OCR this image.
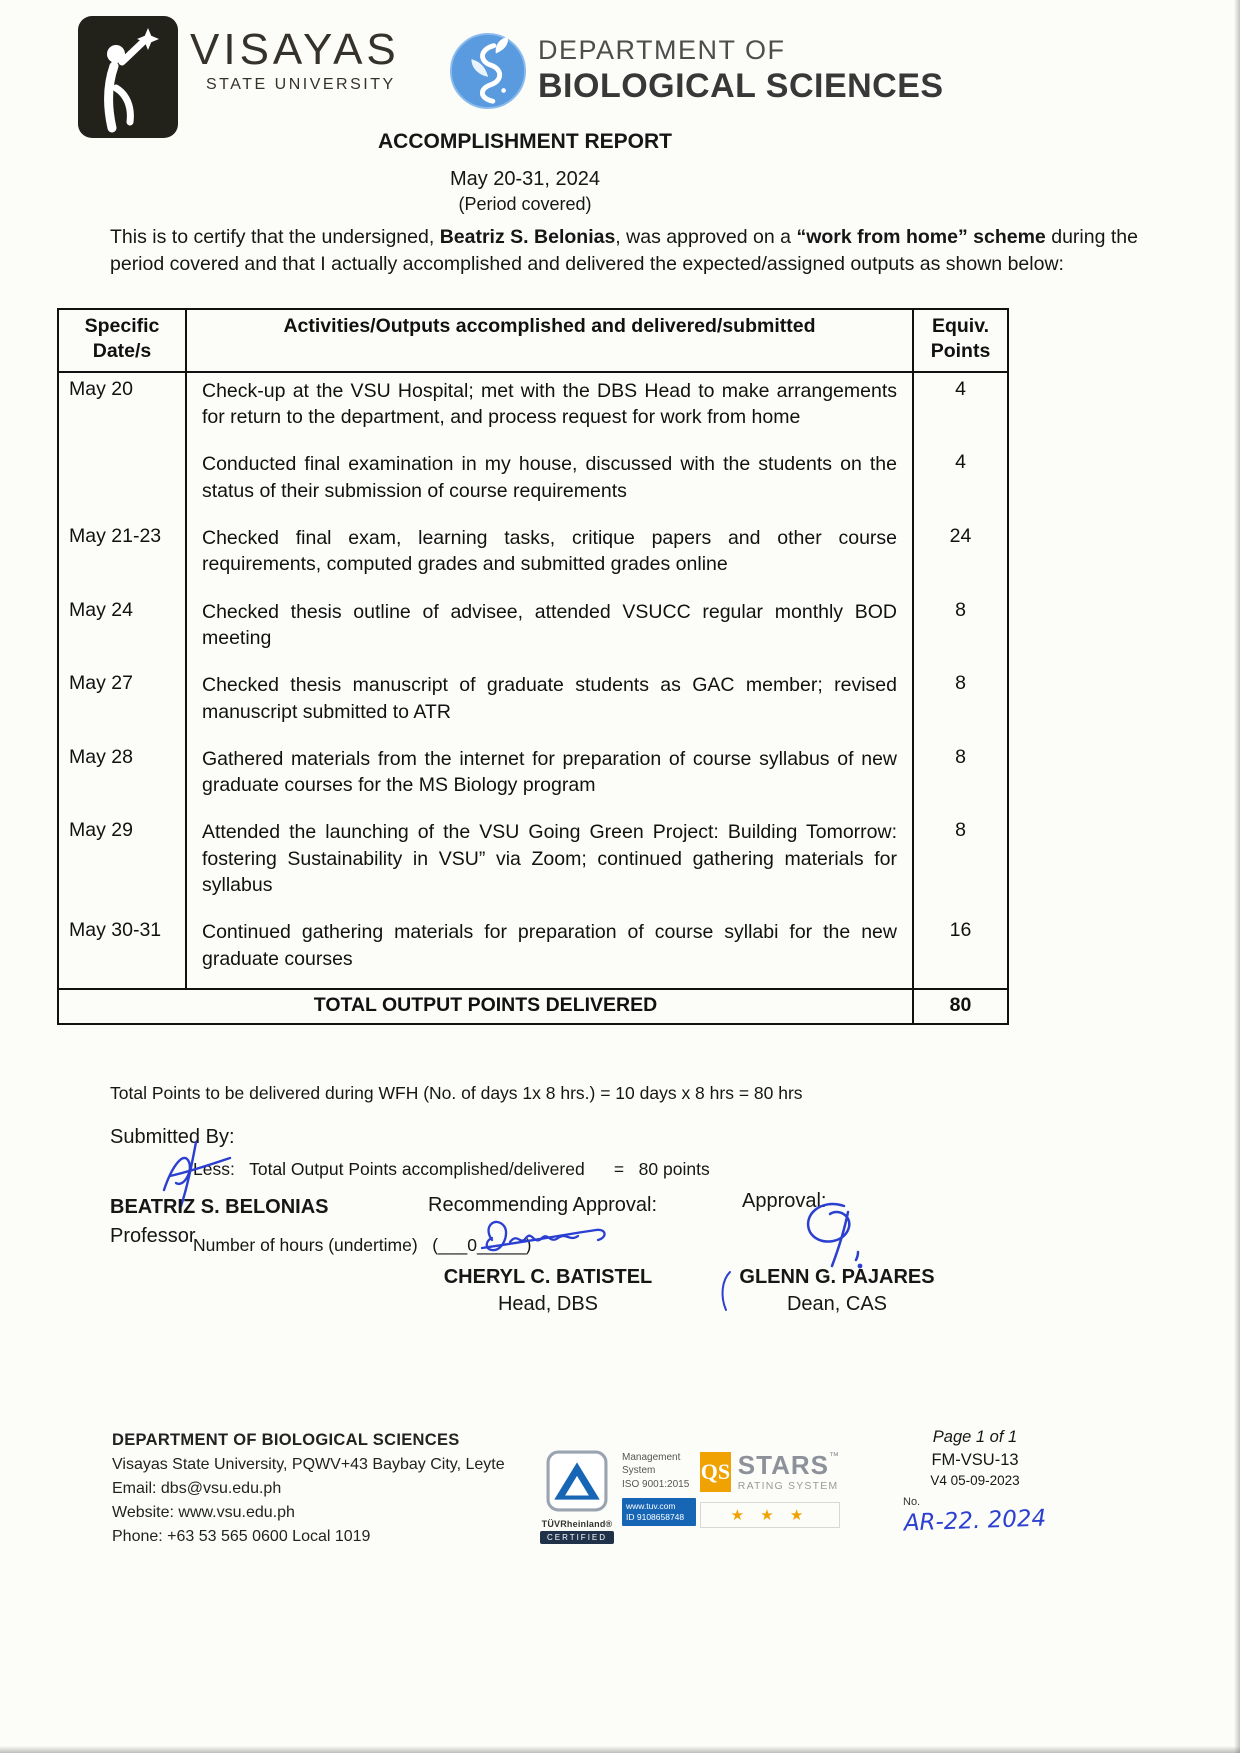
VISAYAS
STATE UNIVERSITY
DEPARTMENT OF
BIOLOGICAL SCIENCES
ACCOMPLISHMENT REPORT
May 20-31, 2024
(Period covered)
This is to certify that the undersigned, Beatriz S. Belonias, was approved on a “work from home” scheme during the period covered and that I actually accomplished and delivered the expected/assigned outputs as shown below:
Specific Date/s	Activities/Outputs accomplished and delivered/submitted	Equiv. Points
May 20	Check-up at the VSU Hospital; met with the DBS Head to make arrangements for return to the department, and process request for work from home	4
	Conducted final examination in my house, discussed with the students on the status of their submission of course requirements	4
May 21-23	Checked final exam, learning tasks, critique papers and other course requirements, computed grades and submitted grades online	24
May 24	Checked thesis outline of advisee, attended VSUCC regular monthly BOD meeting	8
May 27	Checked thesis manuscript of graduate students as GAC member; revised manuscript submitted to ATR	8
May 28	Gathered materials from the internet for preparation of course syllabus of new graduate courses for the MS Biology program	8
May 29	Attended the launching of the VSU Going Green Project: Building Tomorrow: fostering Sustainability in VSU” via Zoom; continued gathering materials for syllabus	8
May 30-31	Continued gathering materials for preparation of course syllabi for the new graduate courses	16
TOTAL OUTPUT POINTS DELIVERED		80

Total Points to be delivered during WFH (No. of days 1x 8 hrs.) = 10 days x 8 hrs = 80 hrs

Less:   Total Output Points accomplished/delivered      =   80 points

Number of hours (undertime)   (___0_____)

Submitted By:
BEATRIZ S. BELONIAS
Professor
Recommending Approval:
CHERYL C. BATISTEL
Head, DBS
Approval:
GLENN G. PAJARES
Dean, CAS
DEPARTMENT OF BIOLOGICAL SCIENCES
Visayas State University, PQWV+43 Baybay City, Leyte
Email: dbs@vsu.edu.ph
Website: www.vsu.edu.ph
Phone: +63 53 565 0600 Local 1019
TÜVRheinland®
CERTIFIED
Management System
ISO 9001:2015
www.tuv.com
ID 9108658748
QS STARS™
RATING SYSTEM
★ ★ ★
Page 1 of 1
FM-VSU-13
V4 05-09-2023
No.
AR-22. 2024
